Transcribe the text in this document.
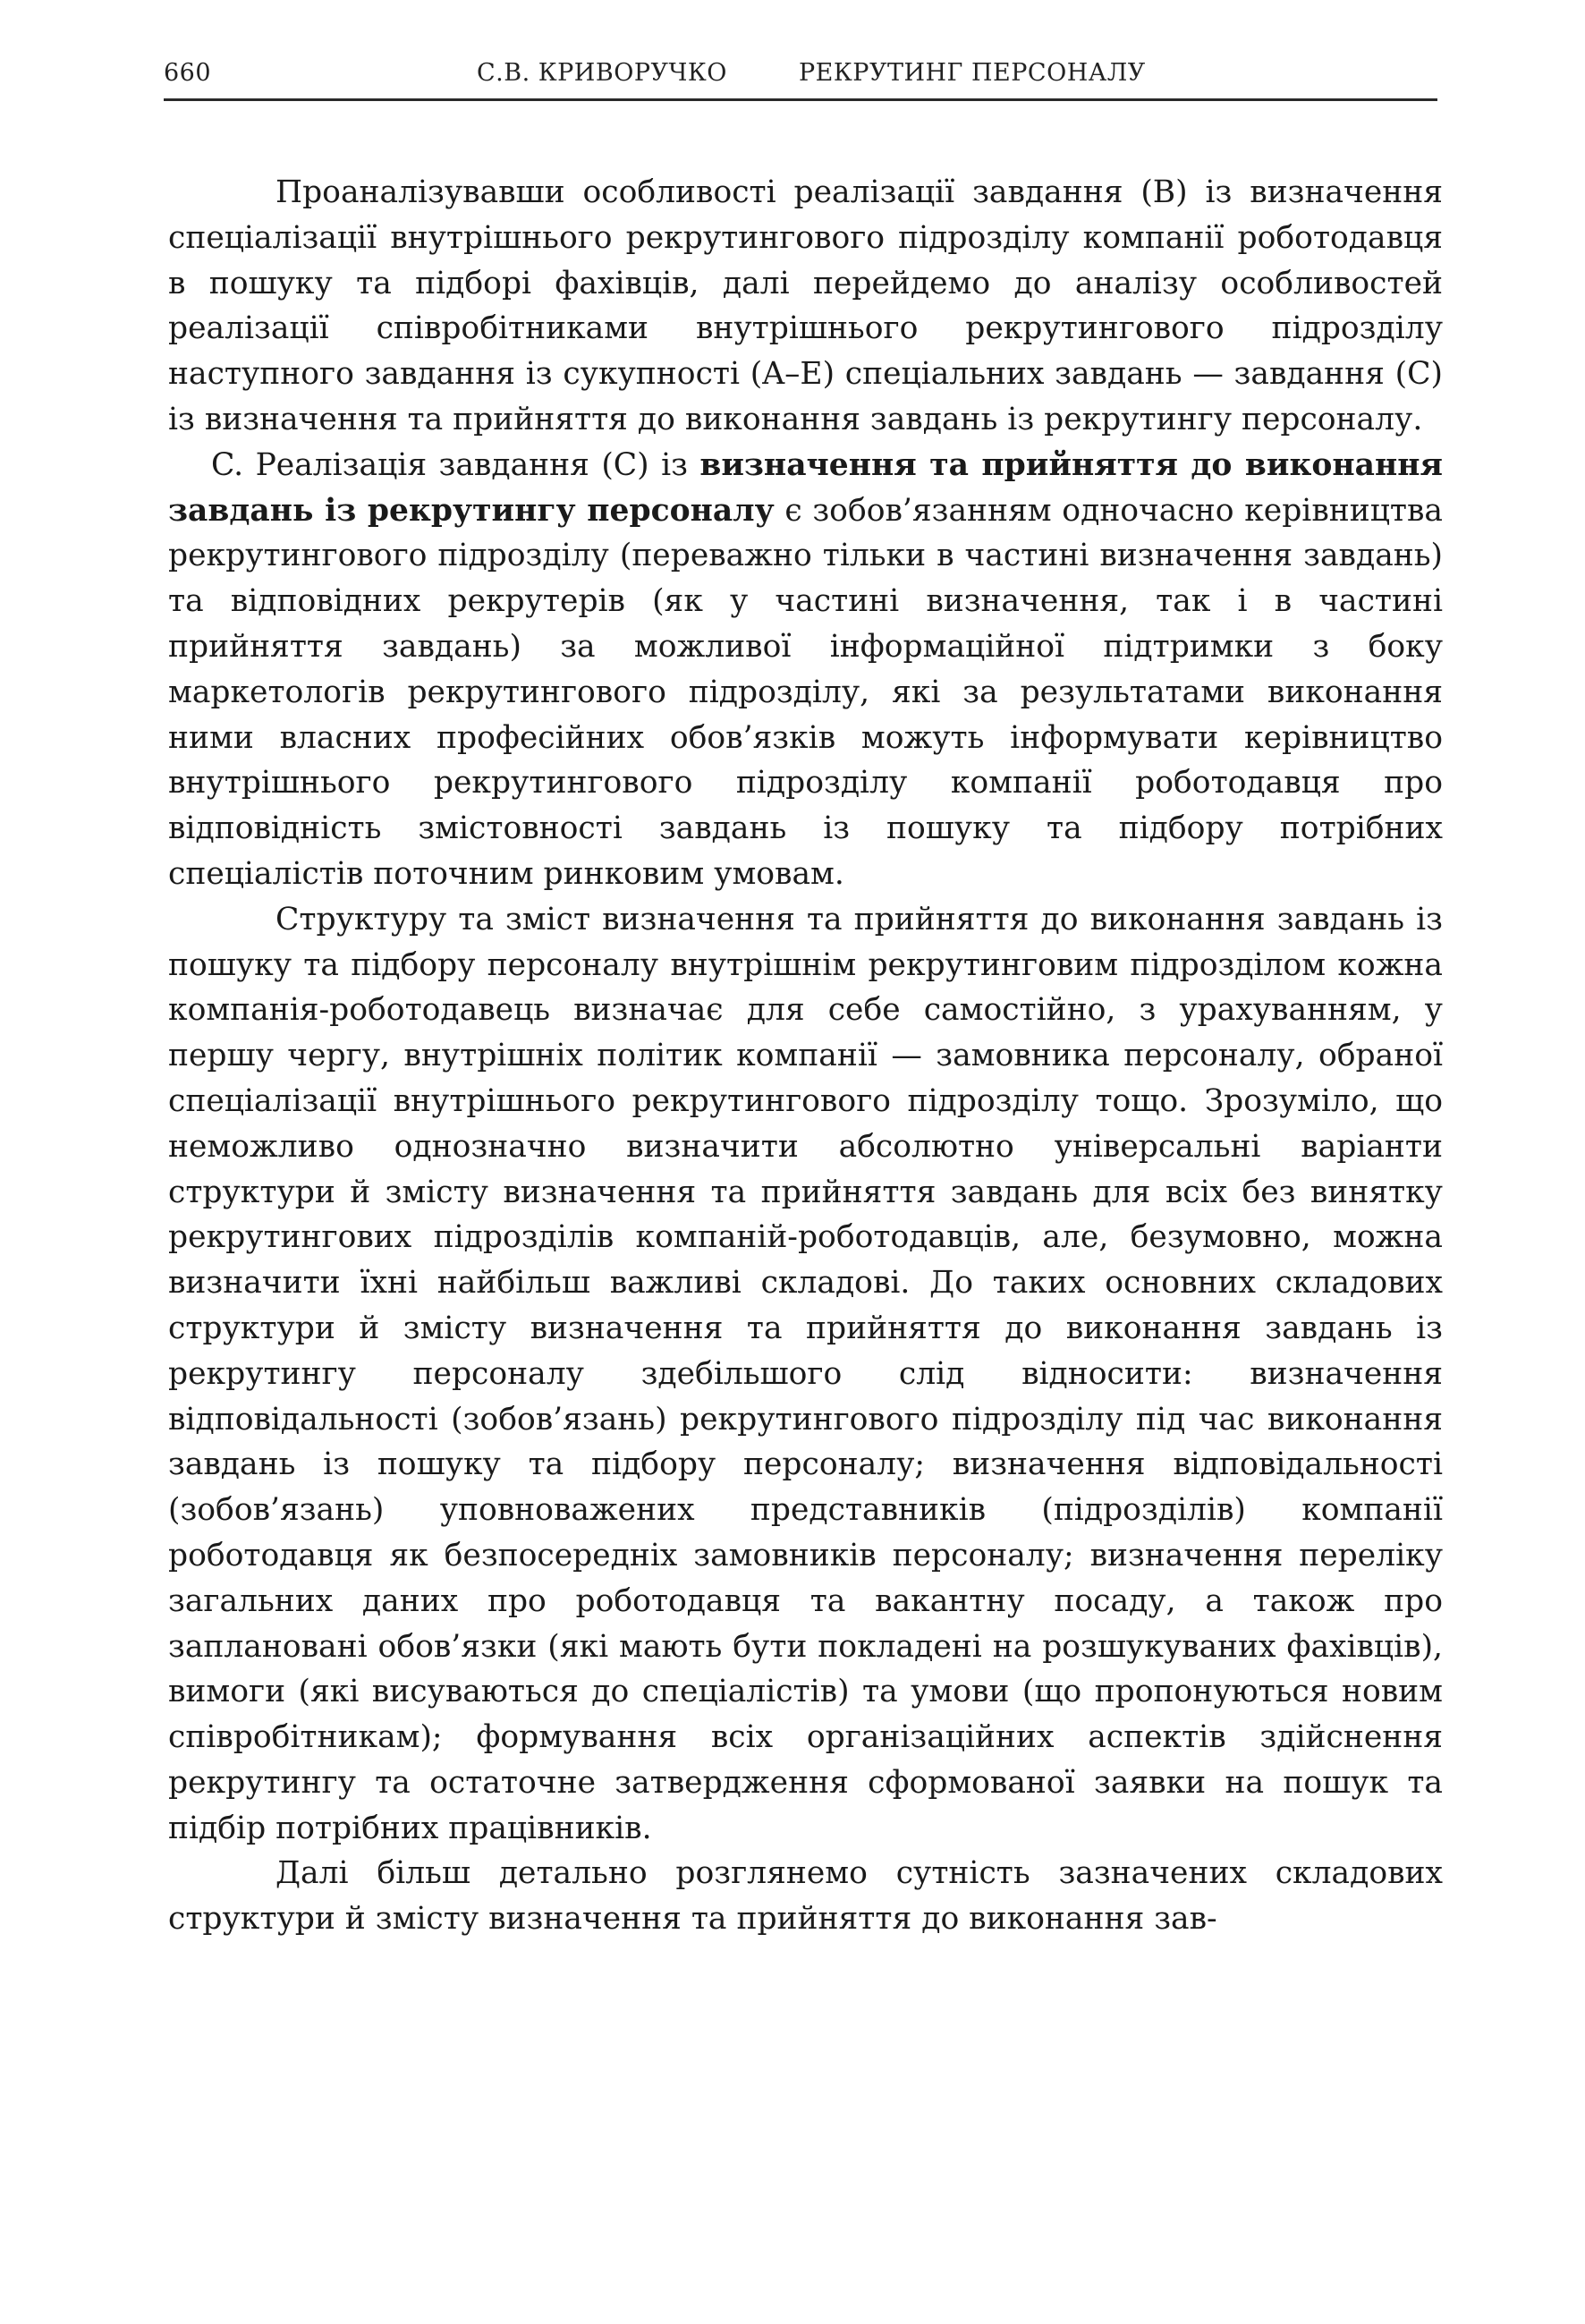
660	С.В. КРИВОРУЧКО	РЕКРУТИНГ ПЕРСОНАЛУ

Проаналізувавши особливості реалізації завдання (B) із визначення спеціалізації внутрішнього рекрутингового підрозділу компанії роботодавця в пошуку та підборі фахівців, далі перейдемо до аналізу особливостей реалізації співробітниками внутрішнього рекрутингового підрозділу наступного завдання із сукупності (A–E) спеціальних завдань — завдання (C) із визначення та прийняття до виконання завдань із рекрутингу персоналу.

C. Реалізація завдання (C) із визначення та прийняття до виконання завдань із рекрутингу персоналу є зобов’язанням одночасно керівництва рекрутингового підрозділу (переважно тільки в частині визначення завдань) та відповідних рекрутерів (як у частині визначення, так і в частині прийняття завдань) за можливої інформаційної підтримки з боку маркетологів рекрутингового підрозділу, які за результатами виконання ними власних професійних обов’язків можуть інформувати керівництво внутрішнього рекрутингового підрозділу компанії роботодавця про відповідність змістовності завдань із пошуку та підбору потрібних спеціалістів поточним ринковим умовам.

Структуру та зміст визначення та прийняття до виконання завдань із пошуку та підбору персоналу внутрішнім рекрутинговим підрозділом кожна компанія-роботодавець визначає для себе самостійно, з урахуванням, у першу чергу, внутрішніх політик компанії — замовника персоналу, обраної спеціалізації внутрішнього рекрутингового підрозділу тощо. Зрозуміло, що неможливо однозначно визначити абсолютно універсальні варіанти структури й змісту визначення та прийняття завдань для всіх без винятку рекрутингових підрозділів компаній-роботодавців, але, безумовно, можна визначити їхні найбільш важливі складові. До таких основних складових структури й змісту визначення та прийняття до виконання завдань із рекрутингу персоналу здебільшого слід відносити: визначення відповідальності (зобов’язань) рекрутингового підрозділу під час виконання завдань із пошуку та підбору персоналу; визначення відповідальності (зобов’язань) уповноважених представників (підрозділів) компанії роботодавця як безпосередніх замовників персоналу; визначення переліку загальних даних про роботодавця та вакантну посаду, а також про заплановані обов’язки (які мають бути покладені на розшукуваних фахівців), вимоги (які висуваються до спеціалістів) та умови (що пропонуються новим співробітникам); формування всіх організаційних аспектів здійснення рекрутингу та остаточне затвердження сформованої заявки на пошук та підбір потрібних працівників.

Далі більш детально розглянемо сутність зазначених складових структури й змісту визначення та прийняття до виконання зав-
